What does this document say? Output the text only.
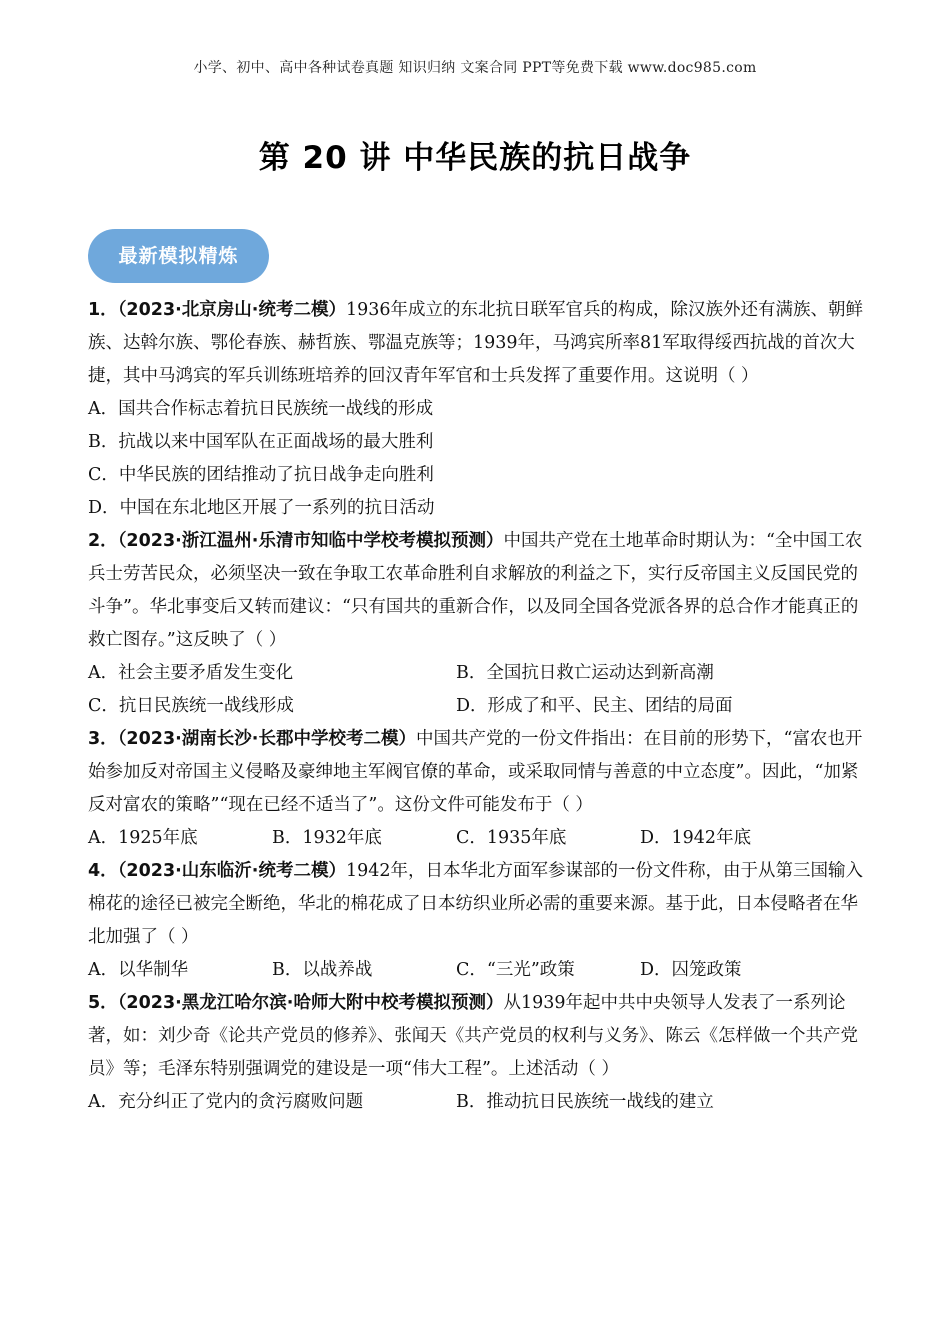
小学、初中、高中各种试卷真题 知识归纳 文案合同 PPT等免费下载 www.doc985.com
第 20 讲 中华民族的抗日战争
最新模拟精炼

1．（2023·北京房山·统考二模）1936年成立的东北抗日联军官兵的构成，除汉族外还有满族、朝鲜族、达斡尔族、鄂伦春族、赫哲族、鄂温克族等；1939年，马鸿宾所率81军取得绥西抗战的首次大捷，其中马鸿宾的军兵训练班培养的回汉青年军官和士兵发挥了重要作用。这说明（ ）

A．国共合作标志着抗日民族统一战线的形成

B．抗战以来中国军队在正面战场的最大胜利

C．中华民族的团结推动了抗日战争走向胜利

D．中国在东北地区开展了一系列的抗日活动

2．（2023·浙江温州·乐清市知临中学校考模拟预测）中国共产党在土地革命时期认为：“全中国工农兵士劳苦民众，必须坚决一致在争取工农革命胜利自求解放的利益之下，实行反帝国主义反国民党的斗争”。华北事变后又转而建议：“只有国共的重新合作，以及同全国各党派各界的总合作才能真正的救亡图存。”这反映了（ ）

A．社会主要矛盾发生变化	B．全国抗日救亡运动达到新高潮
C．抗日民族统一战线形成	D．形成了和平、民主、团结的局面

3．（2023·湖南长沙·长郡中学校考二模）中国共产党的一份文件指出：在目前的形势下，“富农也开始参加反对帝国主义侵略及豪绅地主军阀官僚的革命，或采取同情与善意的中立态度”。因此，“加紧反对富农的策略”“现在已经不适当了”。这份文件可能发布于（ ）

A．1925年底	B．1932年底	C．1935年底	D．1942年底

4．（2023·山东临沂·统考二模）1942年，日本华北方面军参谋部的一份文件称，由于从第三国输入棉花的途径已被完全断绝，华北的棉花成了日本纺织业所必需的重要来源。基于此，日本侵略者在华北加强了（ ）

A．以华制华	B．以战养战	C．“三光”政策	D．囚笼政策

5．（2023·黑龙江哈尔滨·哈师大附中校考模拟预测）从1939年起中共中央领导人发表了一系列论著，如：刘少奇《论共产党员的修养》、张闻天《共产党员的权利与义务》、陈云《怎样做一个共产党员》等；毛泽东特别强调党的建设是一项“伟大工程”。上述活动（ ）

A．充分纠正了党内的贪污腐败问题	B．推动抗日民族统一战线的建立
